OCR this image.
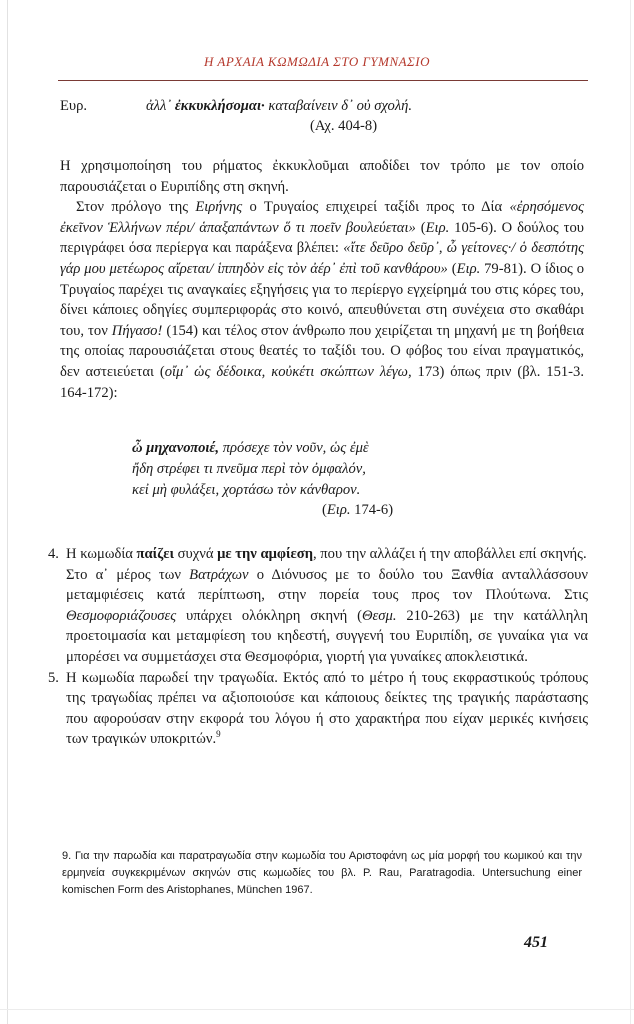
Η ΑΡΧΑΙΑ ΚΩΜΩΔΙΑ ΣΤΟ ΓΥΜΝΑΣΙΟ
Ευρ.	ἀλλ᾽ ἐκκυκλήσομαι· καταβαίνειν δ᾽ οὐ σχολή.
(Αχ. 404-8)

Η χρησιμοποίηση του ρήματος ἐκκυκλοῦμαι αποδίδει τον τρόπο με τον οποίο παρουσιάζεται ο Ευριπίδης στη σκηνή.

Στον πρόλογο της Ειρήνης ο Τρυγαίος επιχειρεί ταξίδι προς το Δία «ἐρησόμενος ἐκεῖνον Ἑλλήνων πέρι/ ἁπαξαπάντων ὅ τι ποεῖν βουλεύεται» (Ειρ. 105-6). Ο δούλος του περιγράφει όσα περίεργα και παράξενα βλέπει: «ἴτε δεῦρο δεῦρ᾽, ὦ γείτονες·/ ὁ δεσπότης γάρ μου μετέωρος αἴρεται/ ἱππηδὸν εἰς τὸν ἀέρ᾽ ἐπὶ τοῦ κανθάρου» (Ειρ. 79-81). Ο ίδιος ο Τρυγαίος παρέχει τις αναγκαίες εξηγήσεις για το περίεργο εγχείρημά του στις κόρες του, δίνει κάποιες οδηγίες συμπεριφοράς στο κοινό, απευθύνεται στη συνέχεια στο σκαθάρι του, τον Πήγασο! (154) και τέλος στον άνθρωπο που χειρίζεται τη μηχανή με τη βοήθεια της οποίας παρουσιάζεται στους θεατές το ταξίδι του. Ο φόβος του είναι πραγματικός, δεν αστειεύεται (οἴμ᾽ ὡς δέδοικα, κοὐκέτι σκώπτων λέγω, 173) όπως πριν (βλ. 151-3. 164-172):

ὦ μηχανοποιέ, πρόσεχε τὸν νοῦν, ὡς ἐμὲ
ἤδη στρέφει τι πνεῦμα περὶ τὸν ὀμφαλόν,
κεἰ μὴ φυλάξει, χορτάσω τὸν κάνθαρον.
(Ειρ. 174-6)

4. Η κωμωδία παίζει συχνά με την αμφίεση, που την αλλάζει ή την αποβάλλει επί σκηνής.

Στο α᾽ μέρος των Βατράχων ο Διόνυσος με το δούλο του Ξανθία ανταλλάσσουν μεταμφιέσεις κατά περίπτωση, στην πορεία τους προς τον Πλούτωνα. Στις Θεσμοφοριάζουσες υπάρχει ολόκληρη σκηνή (Θεσμ. 210-263) με την κατάλληλη προετοιμασία και μεταμφίεση του κηδεστή, συγγενή του Ευριπίδη, σε γυναίκα για να μπορέσει να συμμετάσχει στα Θεσμοφόρια, γιορτή για γυναίκες αποκλειστικά.

5. Η κωμωδία παρωδεί την τραγωδία. Εκτός από το μέτρο ή τους εκφραστικούς τρόπους της τραγωδίας πρέπει να αξιοποιούσε και κάποιους δείκτες της τραγικής παράστασης που αφορούσαν στην εκφορά του λόγου ή στο χαρακτήρα που είχαν μερικές κινήσεις των τραγικών υποκριτών.$^9$

9. Για την παρωδία και παρατραγωδία στην κωμωδία του Αριστοφάνη ως μία μορφή του κωμικού και την ερμηνεία συγκεκριμένων σκηνών στις κωμωδίες του βλ. P. Rau, Paratragodia. Untersuchung einer komischen Form des Aristophanes, München 1967.
451
